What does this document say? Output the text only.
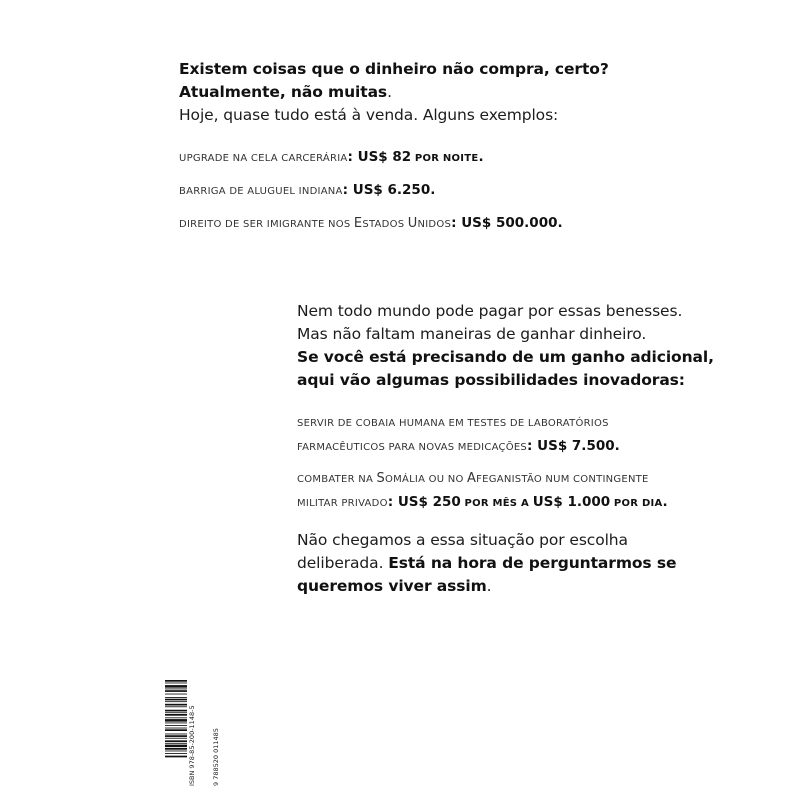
Existem coisas que o dinheiro não compra, certo?
Atualmente, não muitas.
Hoje, quase tudo está à venda. Alguns exemplos:
UPGRADE NA CELA CARCERÁRIA: US$ 82 POR NOITE.
BARRIGA DE ALUGUEL INDIANA: US$ 6.250.
DIREITO DE SER IMIGRANTE NOS ESTADOS UNIDOS: US$ 500.000.
Nem todo mundo pode pagar por essas benesses.
Mas não faltam maneiras de ganhar dinheiro.
Se você está precisando de um ganho adicional,
aqui vão algumas possibilidades inovadoras:
SERVIR DE COBAIA HUMANA EM TESTES DE LABORATÓRIOS
FARMACÊUTICOS PARA NOVAS MEDICAÇÕES: US$ 7.500.
COMBATER NA SOMÁLIA OU NO AFEGANISTÃO NUM CONTINGENTE
MILITAR PRIVADO: US$ 250 POR MÊS A US$ 1.000 POR DIA.
Não chegamos a essa situação por escolha
deliberada. Está na hora de perguntarmos se
queremos viver assim.
ISBN 978-85-200-1148-5 9 788520 011485
